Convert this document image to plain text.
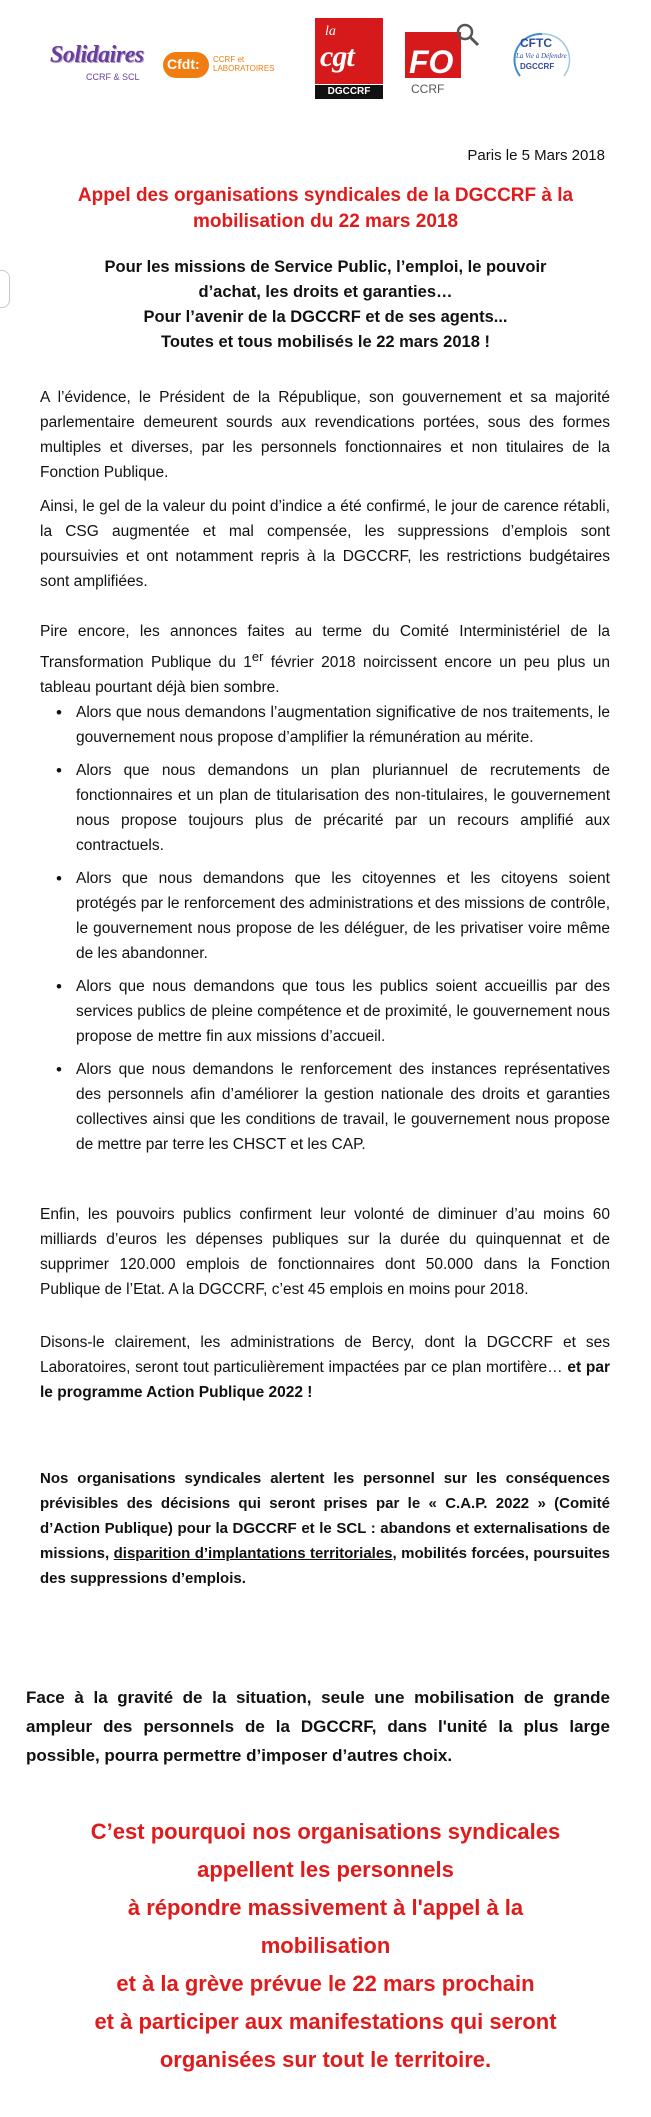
Solidaires
CCRF & SCL
Cfdt: CCRF et LABORATOIRES
la
cgt
DGCCRF
FO
CCRF
CFTC
La Vie à Défendre
DGCCRF
Paris le 5 Mars 2018
Appel des organisations syndicales de la DGCCRF à la
mobilisation du 22 mars 2018
Pour les missions de Service Public, l’emploi, le pouvoir
d’achat, les droits et garanties…
Pour l’avenir de la DGCCRF et de ses agents...
Toutes et tous mobilisés le 22 mars 2018 !

A l’évidence, le Président de la République, son gouvernement et sa majorité parlementaire demeurent sourds aux revendications portées, sous des formes multiples et diverses, par les personnels fonctionnaires et non titulaires de la Fonction Publique.

Ainsi, le gel de la valeur du point d’indice a été confirmé, le jour de carence rétabli, la CSG augmentée et mal compensée, les suppressions d’emplois sont poursuivies et ont notamment repris à la DGCCRF, les restrictions budgétaires sont amplifiées.

Pire encore, les annonces faites au terme du Comité Interministériel de la Transformation Publique du 1er février 2018 noircissent encore un peu plus un tableau pourtant déjà bien sombre.

• Alors que nous demandons l’augmentation significative de nos traitements, le gouvernement nous propose d’amplifier la rémunération au mérite.
• Alors que nous demandons un plan pluriannuel de recrutements de fonctionnaires et un plan de titularisation des non-titulaires, le gouvernement nous propose toujours plus de précarité par un recours amplifié aux contractuels.
• Alors que nous demandons que les citoyennes et les citoyens soient protégés par le renforcement des administrations et des missions de contrôle, le gouvernement nous propose de les déléguer, de les privatiser voire même de les abandonner.
• Alors que nous demandons que tous les publics soient accueillis par des services publics de pleine compétence et de proximité, le gouvernement nous propose de mettre fin aux missions d’accueil.
• Alors que nous demandons le renforcement des instances représentatives des personnels afin d’améliorer la gestion nationale des droits et garanties collectives ainsi que les conditions de travail, le gouvernement nous propose de mettre par terre les CHSCT et les CAP.

Enfin, les pouvoirs publics confirment leur volonté de diminuer d’au moins 60 milliards d’euros les dépenses publiques sur la durée du quinquennat et de supprimer 120.000 emplois de fonctionnaires dont 50.000 dans la Fonction Publique de l’Etat. A la DGCCRF, c’est 45 emplois en moins pour 2018.

Disons-le clairement, les administrations de Bercy, dont la DGCCRF et ses Laboratoires, seront tout particulièrement impactées par ce plan mortifère… et par le programme Action Publique 2022 !

Nos organisations syndicales alertent les personnel sur les conséquences prévisibles des décisions qui seront prises par le « C.A.P. 2022 » (Comité d’Action Publique) pour la DGCCRF et le SCL : abandons et externalisations de missions, disparition d’implantations territoriales, mobilités forcées, poursuites des suppressions d’emplois.

Face à la gravité de la situation, seule une mobilisation de grande ampleur des personnels de la DGCCRF, dans l'unité la plus large possible, pourra permettre d’imposer d’autres choix.

C’est pourquoi nos organisations syndicales
appellent les personnels
à répondre massivement à l'appel à la
mobilisation
et à la grève prévue le 22 mars prochain
et à participer aux manifestations qui seront
organisées sur tout le territoire.
